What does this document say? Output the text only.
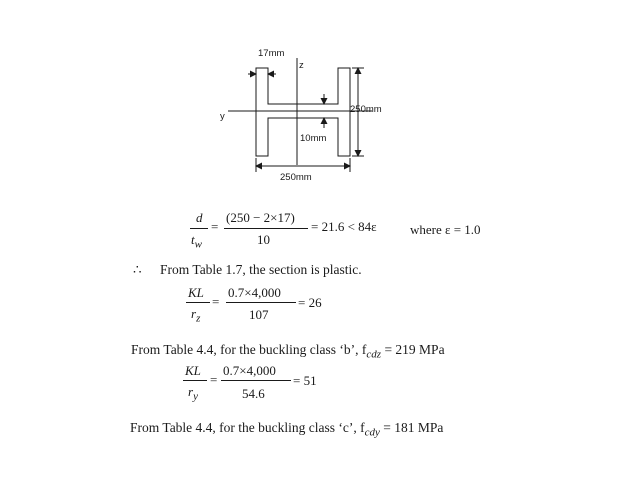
17mm
z
y
250mm
10mm
250mm
d
$t_w$
=
(250 − 2×17)
10
= 21.6 < 84ε	where ε = 1.0
∴ From Table 1.7, the section is plastic.
KL
$r_z$
=
0.7×4,000
107
= 26
From Table 4.4, for the buckling class ‘b’, $f_{cdz} = 219$ MPa
KL
$r_y$
=
0.7×4,000
54.6
= 51
From Table 4.4, for the buckling class ‘c’, $f_{cdy} = 181$ MPa
